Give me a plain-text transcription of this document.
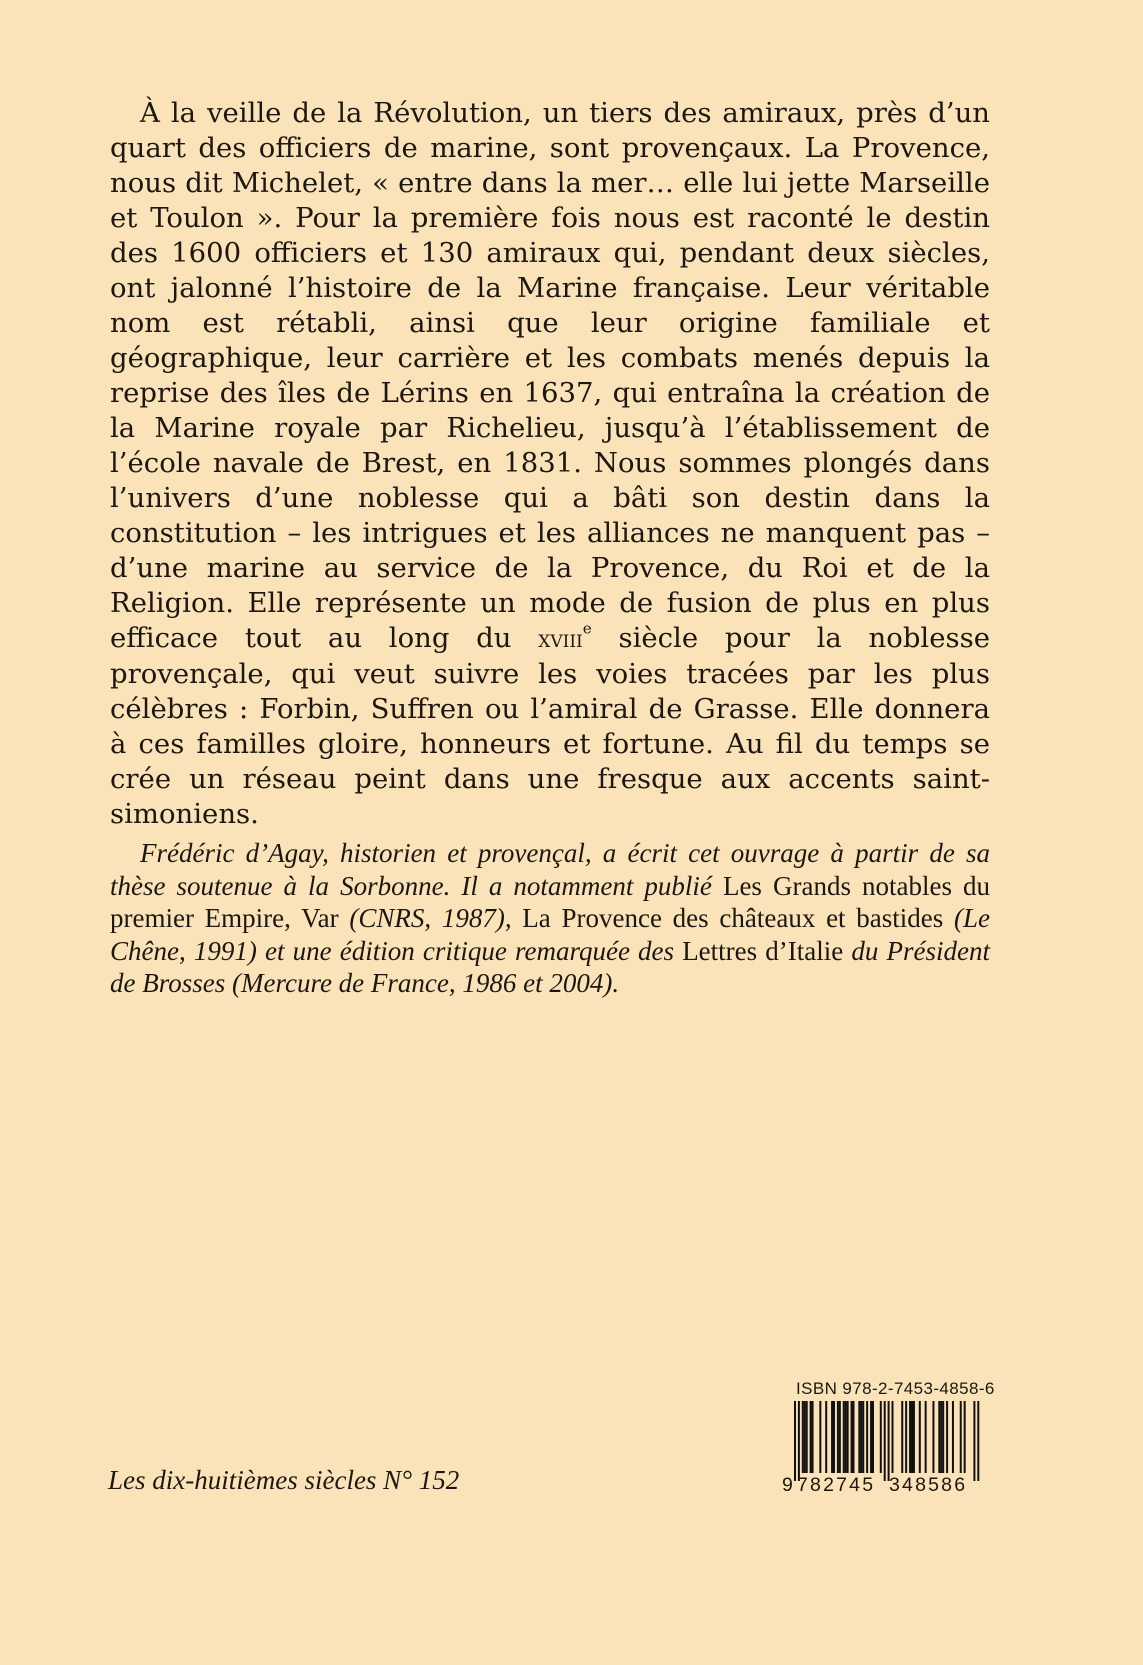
À la veille de la Révolution, un tiers des amiraux, près d’un quart des officiers de marine, sont provençaux. La Provence, nous dit Michelet, « entre dans la mer… elle lui jette Marseille et Toulon ». Pour la première fois nous est raconté le destin des 1600 officiers et 130 amiraux qui, pendant deux siècles, ont jalonné l’histoire de la Marine française. Leur véritable nom est rétabli, ainsi que leur origine familiale et géographique, leur carrière et les combats menés depuis la reprise des îles de Lérins en 1637, qui entraîna la création de la Marine royale par Richelieu, jusqu’à l’établissement de l’école navale de Brest, en 1831. Nous sommes plongés dans l’univers d’une noblesse qui a bâti son destin dans la constitution – les intrigues et les alliances ne manquent pas – d’une marine au service de la Provence, du Roi et de la Religion. Elle représente un mode de fusion de plus en plus efficace tout au long du xviii$^e$ siècle pour la noblesse provençale, qui veut suivre les voies tracées par les plus célèbres : Forbin, Suffren ou l’amiral de Grasse. Elle donnera à ces familles gloire, honneurs et fortune. Au fil du temps se crée un réseau peint dans une fresque aux accents saint-simoniens.

Frédéric d’Agay, historien et provençal, a écrit cet ouvrage à partir de sa thèse soutenue à la Sorbonne. Il a notamment publié Les Grands notables du premier Empire, Var (CNRS, 1987), La Provence des châteaux et bastides (Le Chêne, 1991) et une édition critique remarquée des Lettres d’Italie du Président de Brosses (Mercure de France, 1986 et 2004).

Les dix-huitièmes siècles N° 152

ISBN 978-2-7453-4858-6
9 782745 348586
